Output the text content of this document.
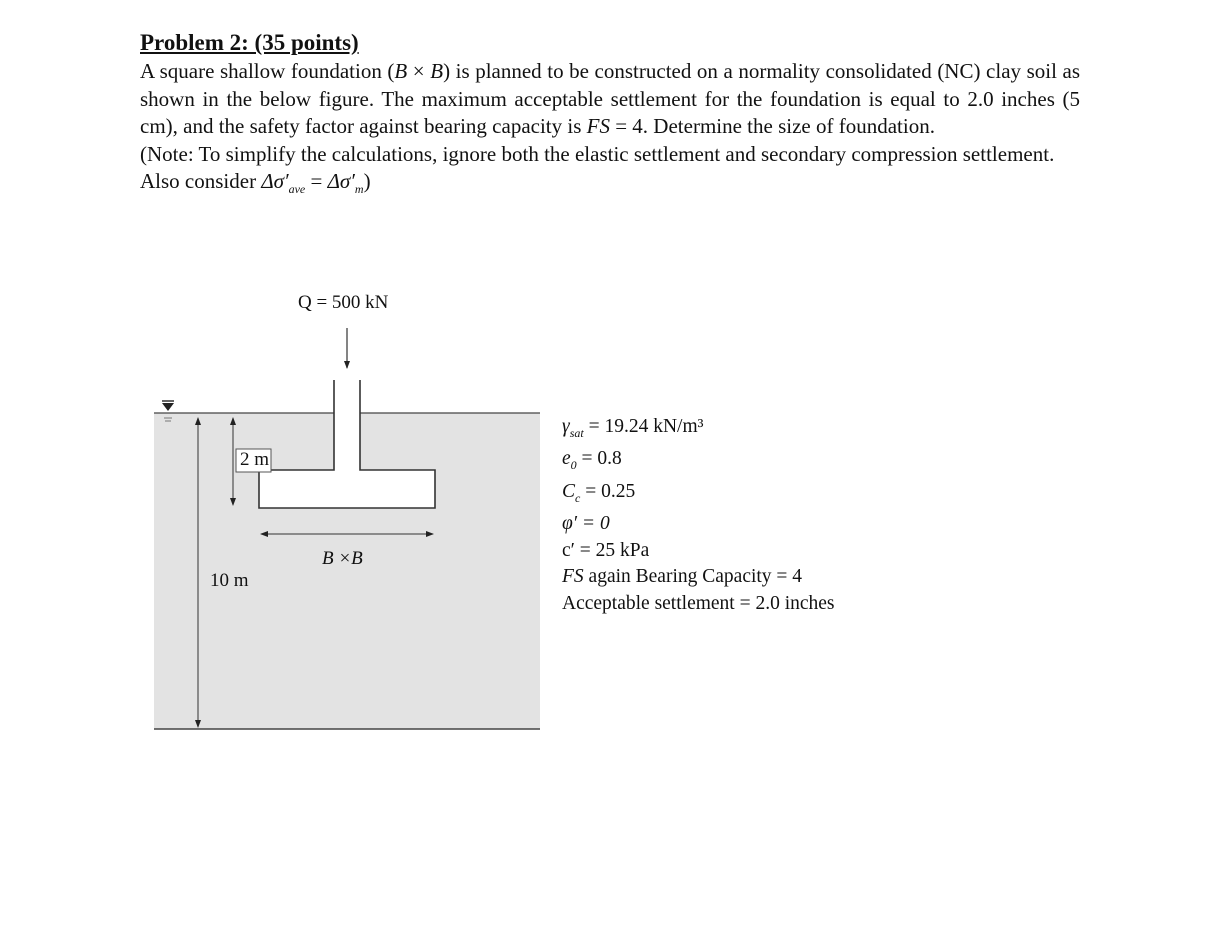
Problem 2: (35 points)

A square shallow foundation (B × B) is planned to be constructed on a normality consolidated (NC) clay soil as shown in the below figure. The maximum acceptable settlement for the foundation is equal to 2.0 inches (5 cm), and the safety factor against bearing capacity is FS = 4. Determine the size of foundation.

(Note: To simplify the calculations, ignore both the elastic settlement and secondary compression settlement. Also consider $\Delta\sigma'_{ave} = \Delta\sigma'_m$)

Q = 500 kN
2 m
10 m
B ×B
$\gamma_{sat} = 19.24$ kN/m³
$e_0 = 0.8$
$C_c = 0.25$
φ′ = 0
c′ = 25 kPa
FS again Bearing Capacity = 4
Acceptable settlement = 2.0 inches
